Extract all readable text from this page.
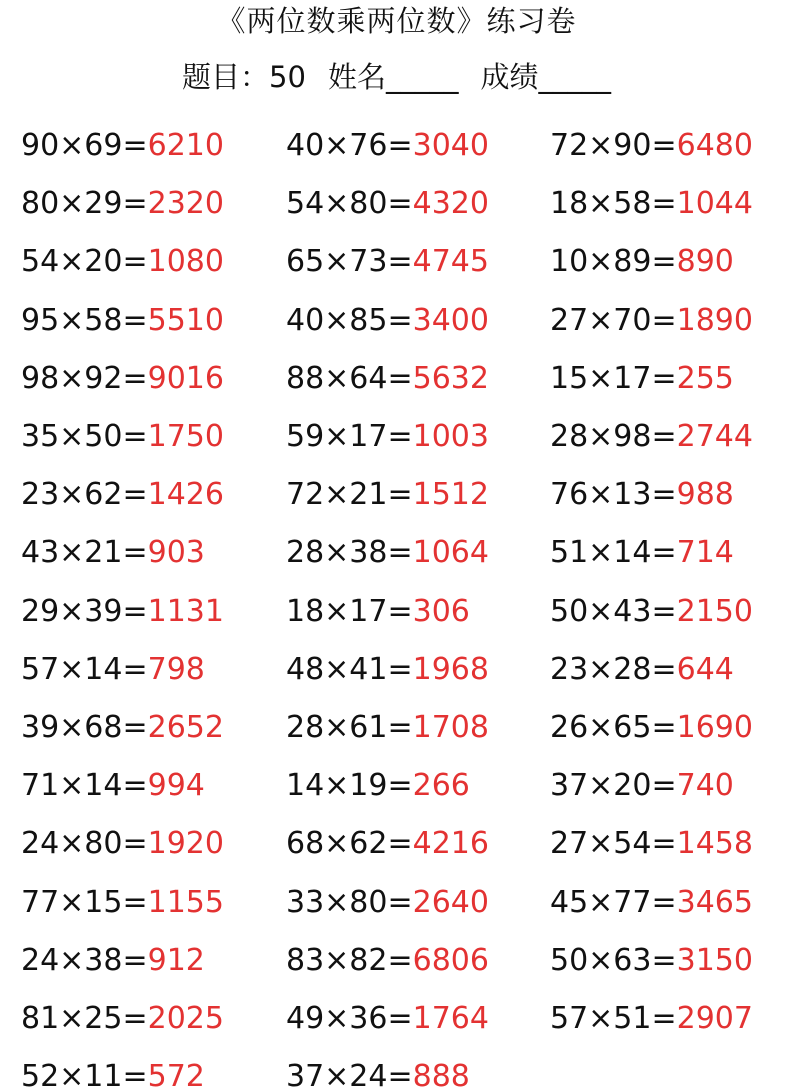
《两位数乘两位数》练习卷
题目：50 姓名_____ 成绩_____
90×69=6210 40×76=3040 72×90=6480
80×29=2320 54×80=4320 18×58=1044
54×20=1080 65×73=4745 10×89=890
95×58=5510 40×85=3400 27×70=1890
98×92=9016 88×64=5632 15×17=255
35×50=1750 59×17=1003 28×98=2744
23×62=1426 72×21=1512 76×13=988
43×21=903	28×38=1064 51×14=714
29×39=1131 18×17=306	50×43=2150
57×14=798	48×41=1968 23×28=644
39×68=2652 28×61=1708 26×65=1690
71×14=994	14×19=266	37×20=740
24×80=1920 68×62=4216 27×54=1458
77×15=1155 33×80=2640 45×77=3465
24×38=912	83×82=6806 50×63=3150
81×25=2025 49×36=1764 57×51=2907
52×11=572	37×24=888
